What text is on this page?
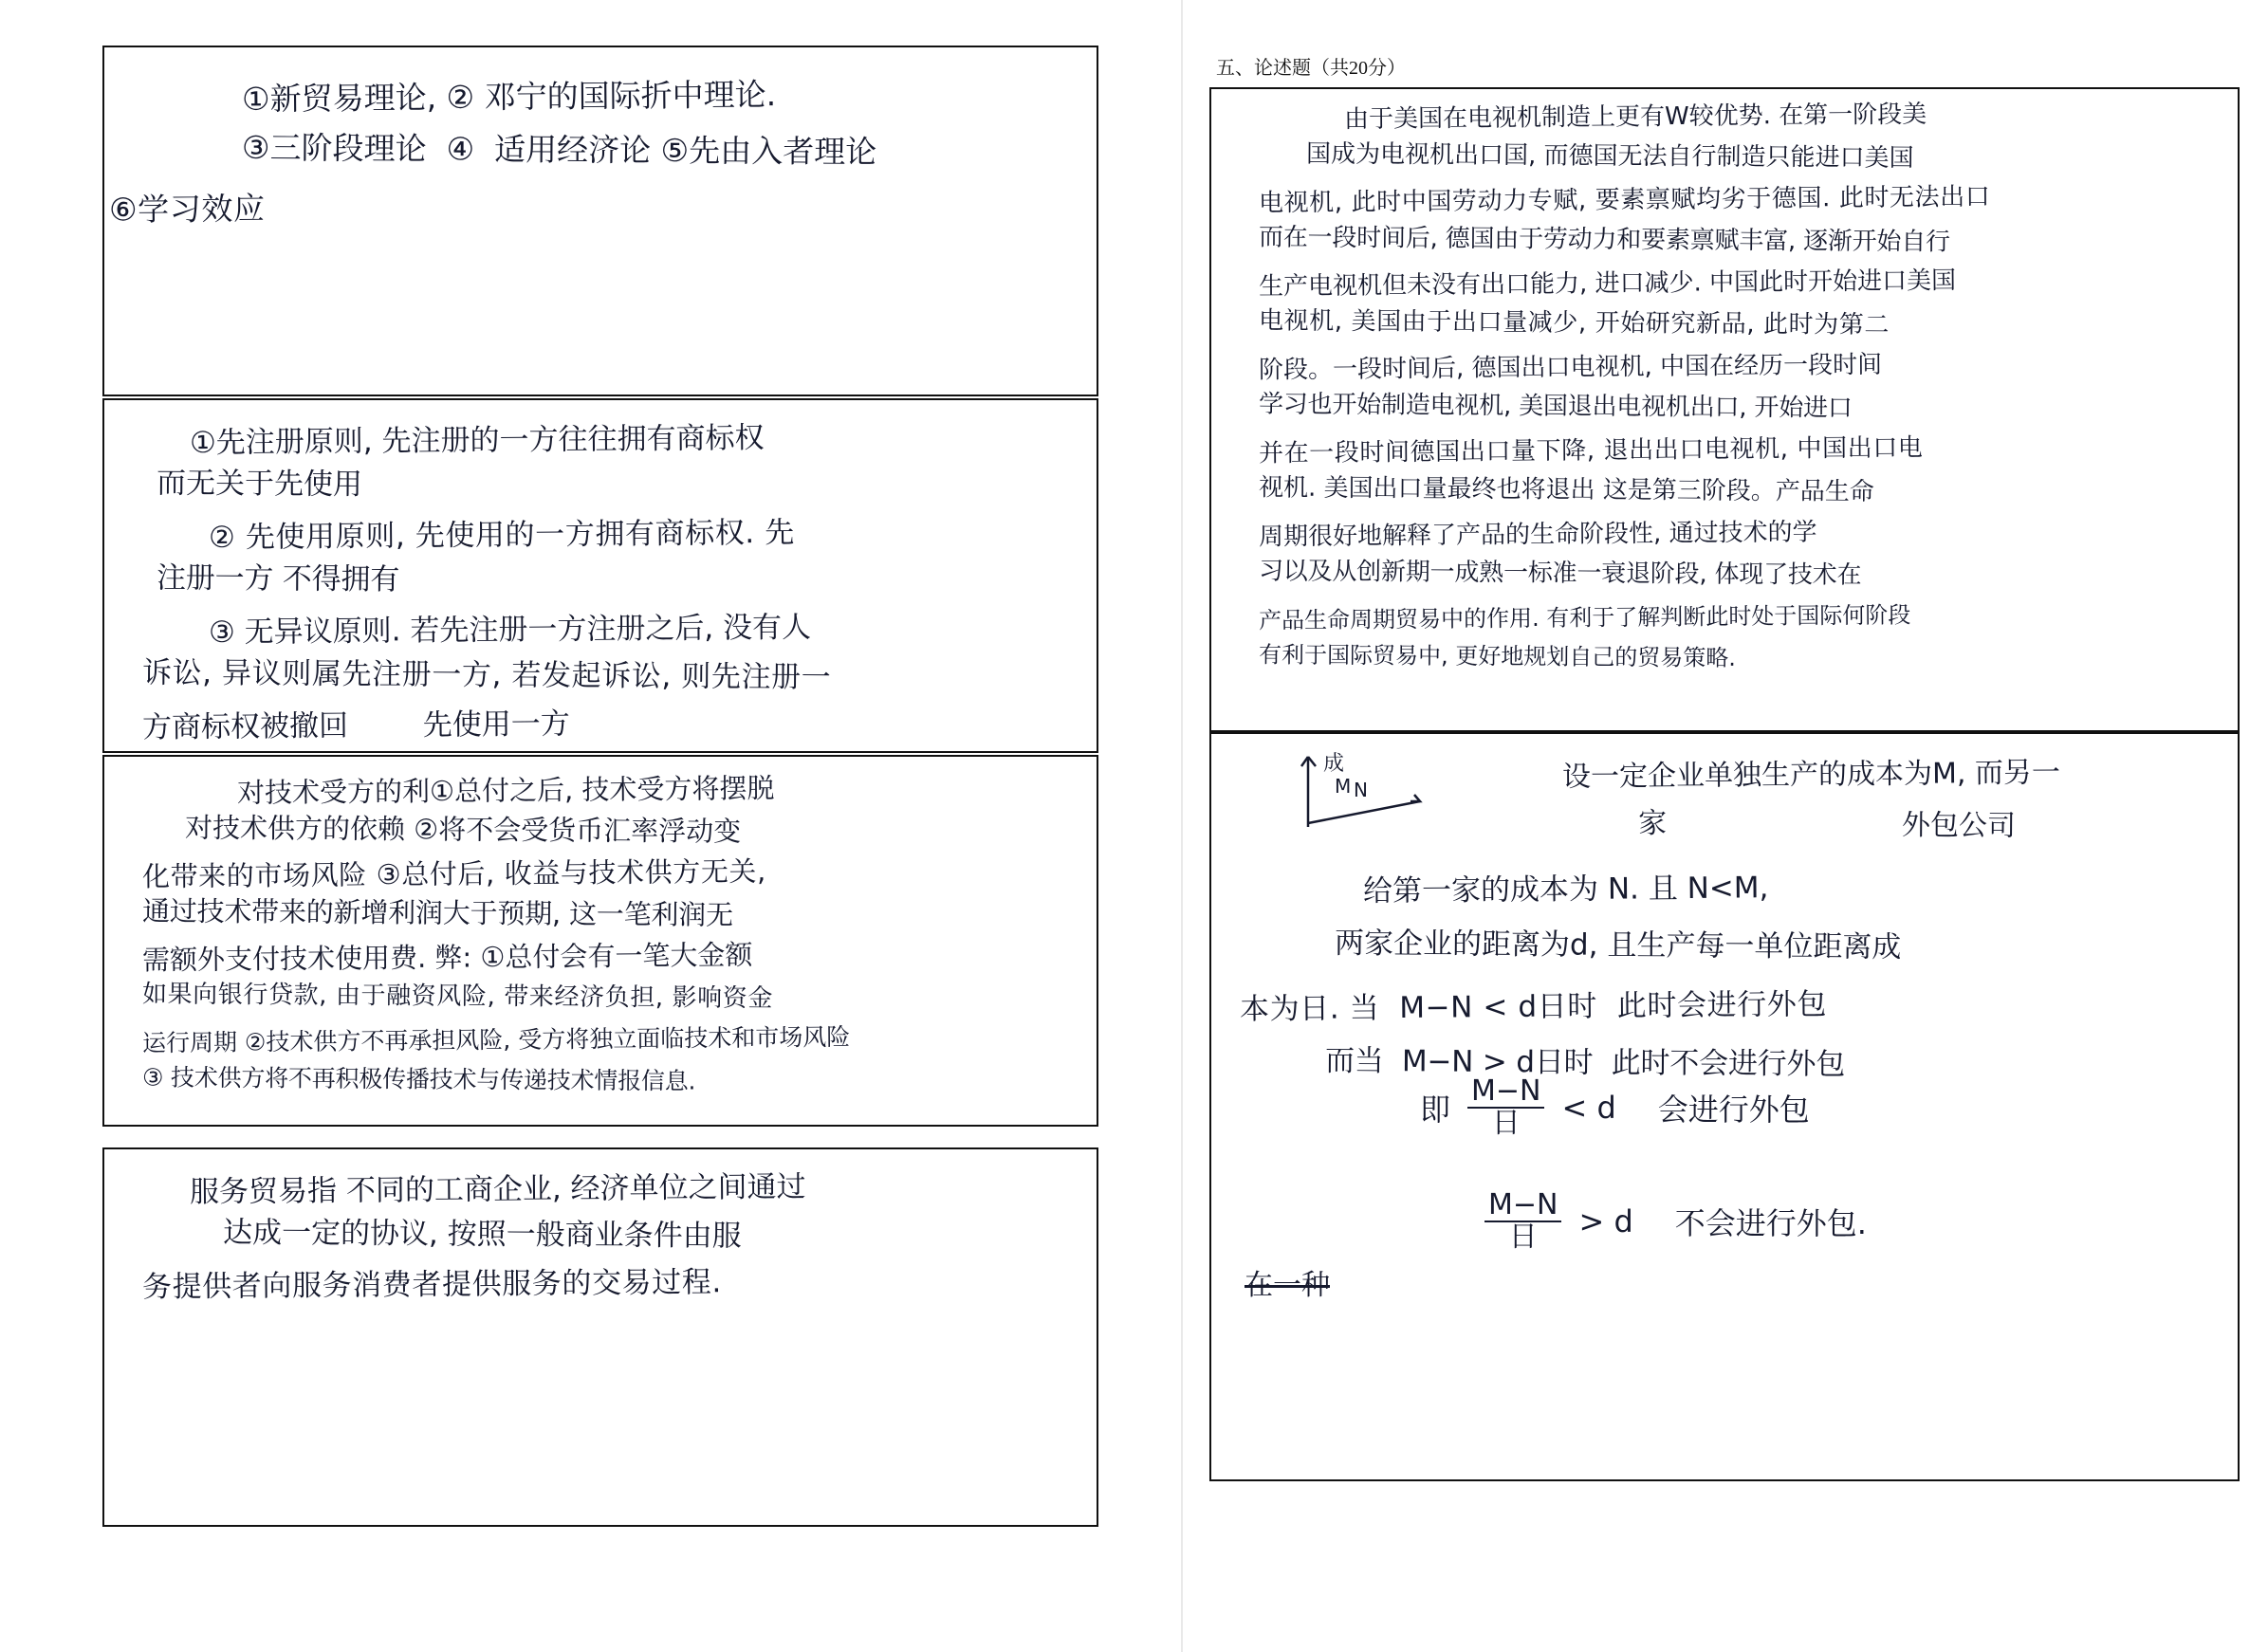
①新贸易理论, ② 邓宁的国际折中理论.
③三阶段理论  ④  适用经济论 ⑤先由入者理论
⑥学习效应
①先注册原则, 先注册的一方往往拥有商标权
而无关于先使用
② 先使用原则, 先使用的一方拥有商标权. 先
注册一方 不得拥有
③ 无异议原则. 若先注册一方注册之后, 没有人
诉讼, 异议则属先注册一方, 若发起诉讼, 则先注册一
方商标权被撤回        先使用一方
对技术受方的利①总付之后, 技术受方将摆脱
对技术供方的依赖 ②将不会受货币汇率浮动变
化带来的市场风险 ③总付后, 收益与技术供方无关,
通过技术带来的新增利润大于预期, 这一笔利润无
需额外支付技术使用费. 弊: ①总付会有一笔大金额
如果向银行贷款, 由于融资风险, 带来经济负担, 影响资金
运行周期 ②技术供方不再承担风险, 受方将独立面临技术和市场风险
③ 技术供方将不再积极传播技术与传递技术情报信息.
服务贸易指 不同的工商企业, 经济单位之间通过
达成一定的协议, 按照一般商业条件由服
务提供者向服务消费者提供服务的交易过程.
五、论述题（共20分）
由于美国在电视机制造上更有W较优势. 在第一阶段美
国成为电视机出口国, 而德国无法自行制造只能进口美国
电视机, 此时中国劳动力专赋, 要素禀赋均劣于德国. 此时无法出口
而在一段时间后, 德国由于劳动力和要素禀赋丰富, 逐渐开始自行
生产电视机但未没有出口能力, 进口减少. 中国此时开始进口美国
电视机, 美国由于出口量减少, 开始研究新品, 此时为第二
阶段。一段时间后, 德国出口电视机, 中国在经历一段时间
学习也开始制造电视机, 美国退出电视机出口, 开始进口
并在一段时间德国出口量下降, 退出出口电视机, 中国出口电
视机. 美国出口量最终也将退出 这是第三阶段。产品生命
周期很好地解释了产品的生命阶段性, 通过技术的学
习以及从创新期一成熟一标准一衰退阶段, 体现了技术在
产品生命周期贸易中的作用. 有利于了解判断此时处于国际何阶段
有利于国际贸易中, 更好地规划自己的贸易策略.
成
M N	设一定企业单独生产的成本为M, 而另一
家                          外包公司
给第一家的成本为 N. 且 N<M,
两家企业的距离为d, 且生产每一单位距离成
本为日. 当  M−N < d日时  此时会进行外包
而当  M−N > d日时  此时不会进行外包
即 $\frac{M-N}{\text{日}} < d$ 会进行外包
$\frac{M-N}{\text{日}} > d$ 不会进行外包.
在一种
